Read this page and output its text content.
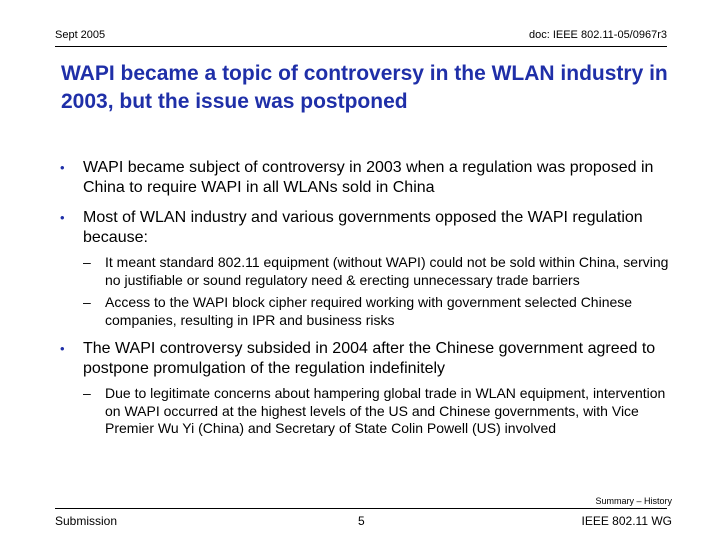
Sept 2005	doc: IEEE 802.11-05/0967r3
WAPI became a topic of controversy in the WLAN industry in 2003, but the issue was postponed
• WAPI became subject of controversy in 2003 when a regulation was proposed in China to require WAPI in all WLANs sold in China
• Most of WLAN industry and various governments opposed the WAPI regulation because:
– It meant standard 802.11 equipment (without WAPI) could not be sold within China, serving no justifiable or sound regulatory need & erecting unnecessary trade barriers
– Access to the WAPI block cipher required working with government selected Chinese companies, resulting in IPR and business risks
• The WAPI controversy subsided in 2004 after the Chinese government agreed to postpone promulgation of the regulation indefinitely
– Due to legitimate concerns about hampering global trade in WLAN equipment, intervention on WAPI occurred at the highest levels of the US and Chinese governments, with Vice Premier Wu Yi (China) and Secretary of State Colin Powell (US) involved
Summary – History
Submission	5	IEEE 802.11 WG
